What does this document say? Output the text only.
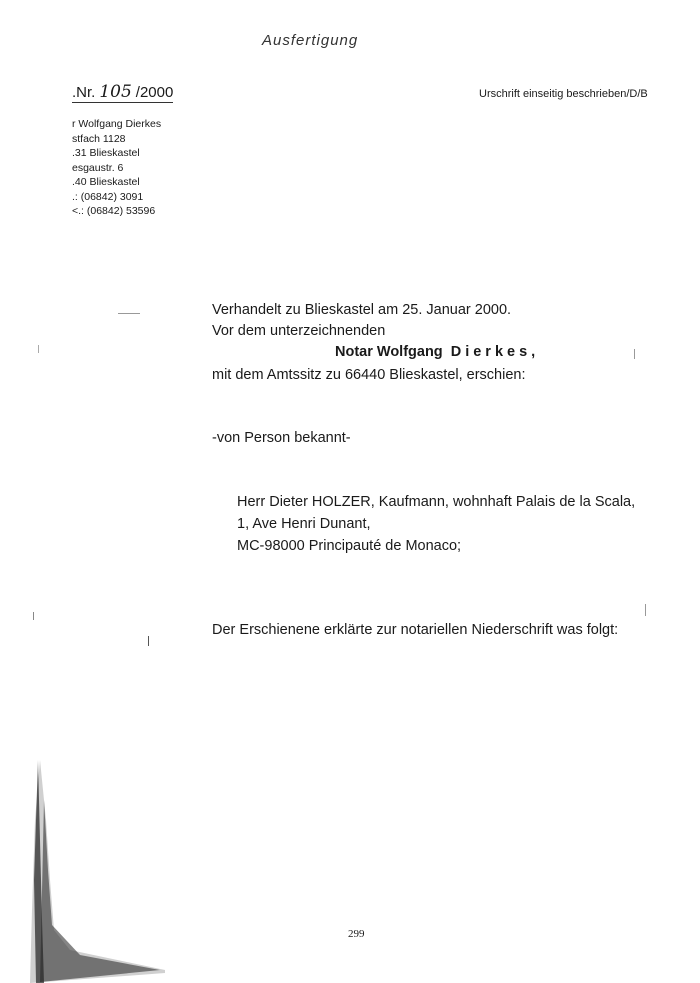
Ausfertigung
.Nr. 105 /2000	Urschrift einseitig beschrieben/D/B
r Wolfgang Dierkes
stfach 1128
.31 Blieskastel
esgaustr. 6
.40 Blieskastel
.: (06842) 3091
<.: (06842) 53596
Verhandelt zu Blieskastel am 25. Januar 2000.
Vor dem unterzeichnenden
Notar Wolfgang Dierkes,
mit dem Amtssitz zu 66440 Blieskastel, erschien:
-von Person bekannt-
Herr Dieter HOLZER, Kaufmann, wohnhaft Palais de la Scala,
1, Ave Henri Dunant,
MC-98000 Principauté de Monaco;
Der Erschienene erklärte zur notariellen Niederschrift was folgt:
299
